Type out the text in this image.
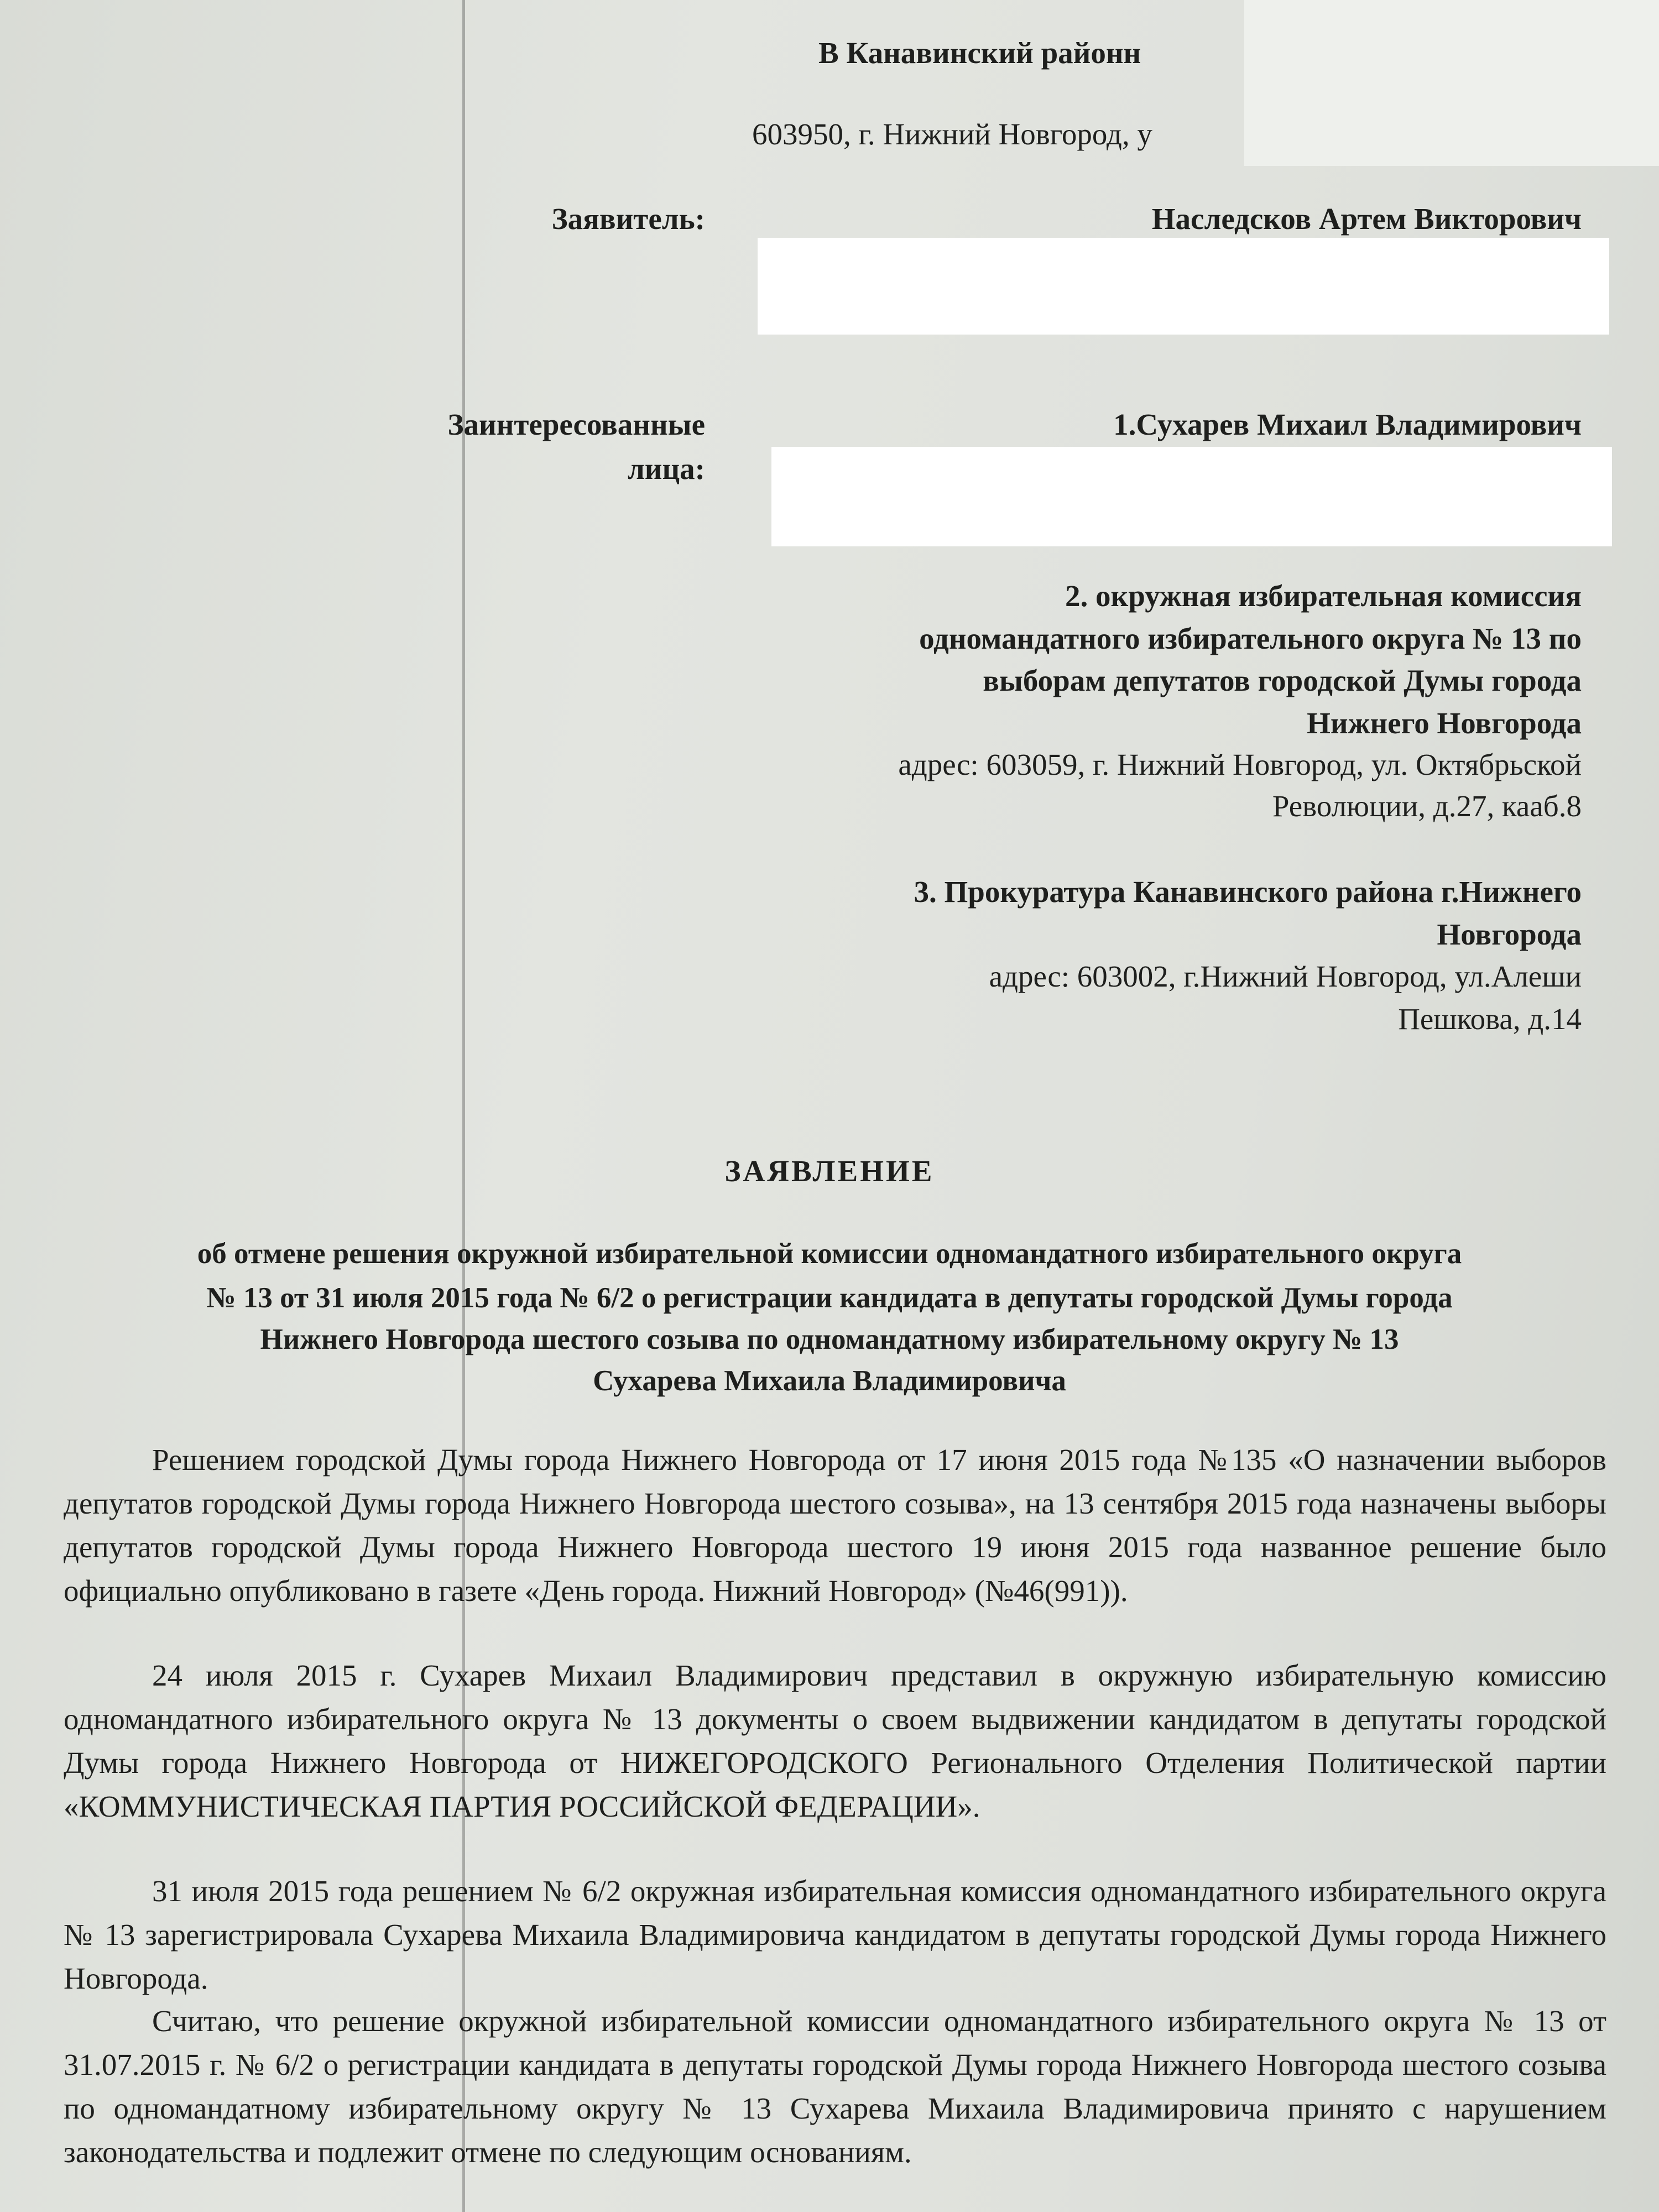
В Канавинский районн
603950, г. Нижний Новгород, у
Заявитель:	Наследсков Артем Викторович
Заинтересованные
лица:
1.Сухарев Михаил Владимирович
2. окружная избирательная комиссия
одномандатного избирательного округа № 13 по
выборам депутатов городской Думы города
Нижнего Новгорода
адрес: 603059, г. Нижний Новгород, ул. Октябрьской
Революции, д.27, кааб.8
3. Прокуратура Канавинского района г.Нижнего
Новгорода
адрес: 603002, г.Нижний Новгород, ул.Алеши
Пешкова, д.14
ЗАЯВЛЕНИЕ
об отмене решения окружной избирательной комиссии одномандатного избирательного округа
№ 13 от 31 июля 2015 года № 6/2 о регистрации кандидата в депутаты городской Думы города
Нижнего Новгорода шестого созыва по одномандатному избирательному округу № 13
Сухарева Михаила Владимировича
Решением городской Думы города Нижнего Новгорода от 17 июня 2015 года №135 «О назначении выборов депутатов городской Думы города Нижнего Новгорода шестого созыва», на 13 сентября 2015 года назначены выборы депутатов городской Думы города Нижнего Новгорода шестого 19 июня 2015 года названное решение было официально опубликовано в газете «День города. Нижний Новгород» (№46(991)).
24 июля 2015 г. Сухарев Михаил Владимирович представил в окружную избирательную комиссию одномандатного избирательного округа № 13 документы о своем выдвижении кандидатом в депутаты городской Думы города Нижнего Новгорода от НИЖЕГОРОДСКОГО Регионального Отделения Политической партии «КОММУНИСТИЧЕСКАЯ ПАРТИЯ РОССИЙСКОЙ ФЕДЕРАЦИИ».
31 июля 2015 года решением № 6/2 окружная избирательная комиссия одномандатного избирательного округа № 13 зарегистрировала Сухарева Михаила Владимировича кандидатом в депутаты городской Думы города Нижнего Новгорода.
Считаю, что решение окружной избирательной комиссии одномандатного избирательного округа № 13 от 31.07.2015 г. № 6/2 о регистрации кандидата в депутаты городской Думы города Нижнего Новгорода шестого созыва по одномандатному избирательному округу № 13 Сухарева Михаила Владимировича принято с нарушением законодательства и подлежит отмене по следующим основаниям.
